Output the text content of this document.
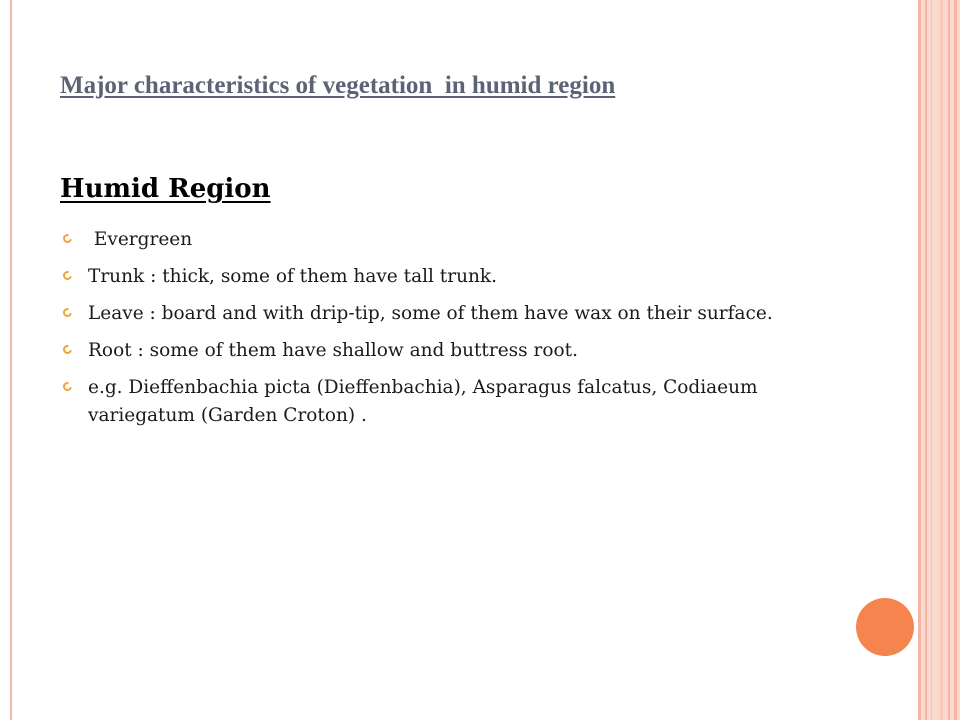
Major characteristics of vegetation  in humid region
Humid Region
Evergreen
Trunk : thick, some of them have tall trunk.
Leave : board and with drip-tip, some of them have wax on their surface.
Root : some of them have shallow and buttress root.
e.g. Dieffenbachia picta (Dieffenbachia), Asparagus falcatus, Codiaeum variegatum (Garden Croton) .
